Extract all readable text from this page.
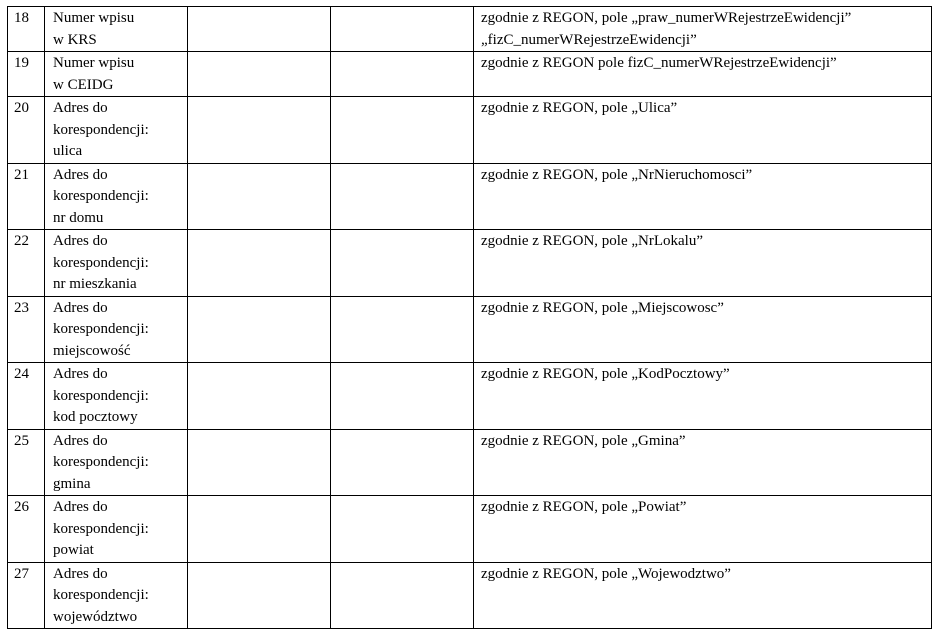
18	Numer wpisu
w KRS			zgodnie z REGON, pole „praw_numerWRejestrzeEwidencji”
„fizC_numerWRejestrzeEwidencji”

19	Numer wpisu
w CEIDG			zgodnie z REGON pole fizC_numerWRejestrzeEwidencji”

20	Adres do
korespondencji:
ulica			zgodnie z REGON, pole „Ulica”

21	Adres do
korespondencji:
nr domu			zgodnie z REGON, pole „NrNieruchomosci”

22	Adres do
korespondencji:
nr mieszkania			zgodnie z REGON, pole „NrLokalu”

23	Adres do
korespondencji:
miejscowość			zgodnie z REGON, pole „Miejscowosc”

24	Adres do
korespondencji:
kod pocztowy			zgodnie z REGON, pole „KodPocztowy”

25	Adres do
korespondencji:
gmina			zgodnie z REGON, pole „Gmina”

26	Adres do
korespondencji:
powiat			zgodnie z REGON, pole „Powiat”

27	Adres do
korespondencji:
województwo			zgodnie z REGON, pole „Wojewodztwo”
